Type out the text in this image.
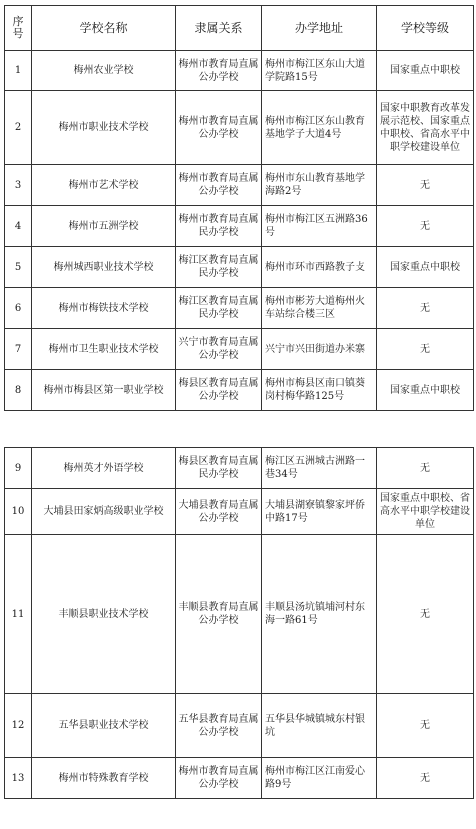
序号	学校名称	隶属关系	办学地址	学校等级
1	梅州农业学校	梅州市教育局直属公办学校	梅州市梅江区东山大道学院路15号	国家重点中职校
2	梅州市职业技术学校	梅州市教育局直属公办学校	梅州市梅江区东山教育基地学子大道4号	国家中职教育改革发展示范校、国家重点中职校、省高水平中职学校建设单位
3	梅州市艺术学校	梅州市教育局直属公办学校	梅州市东山教育基地学海路2号	无
4	梅州市五洲学校	梅州市教育局直属民办学校	梅州市梅江区五洲路36号	无
5	梅州城西职业技术学校	梅江区教育局直属民办学校	梅州市环市西路教子攴	国家重点中职校
6	梅州市梅铁技术学校	梅江区教育局直属民办学校	梅州市彬芳大道梅州火车站综合楼三区	无
7	梅州市卫生职业技术学校	兴宁市教育局直属公办学校	兴宁市兴田街道办米寨	无
8	梅州市梅县区第一职业学校	梅县区教育局直属公办学校	梅州市梅县区南口镇葵岗村梅华路125号	国家重点中职校
9	梅州英才外语学校	梅县区教育局直属民办学校	梅江区五洲城古洲路一巷34号	无
10	大埔县田家炳高级职业学校	大埔县教育局直属公办学校	大埔县湖寮镇黎家坪侨中路17号	国家重点中职校、省高水平中职学校建设单位
11	丰顺县职业技术学校	丰顺县教育局直属公办学校	丰顺县汤坑镇埔河村东海一路61号	无
12	五华县职业技术学校	五华县教育局直属公办学校	五华县华城镇城东村银坑	无
13	梅州市特殊教育学校	梅州市教育局直属公办学校	梅州市梅江区江南爱心路9号	无
